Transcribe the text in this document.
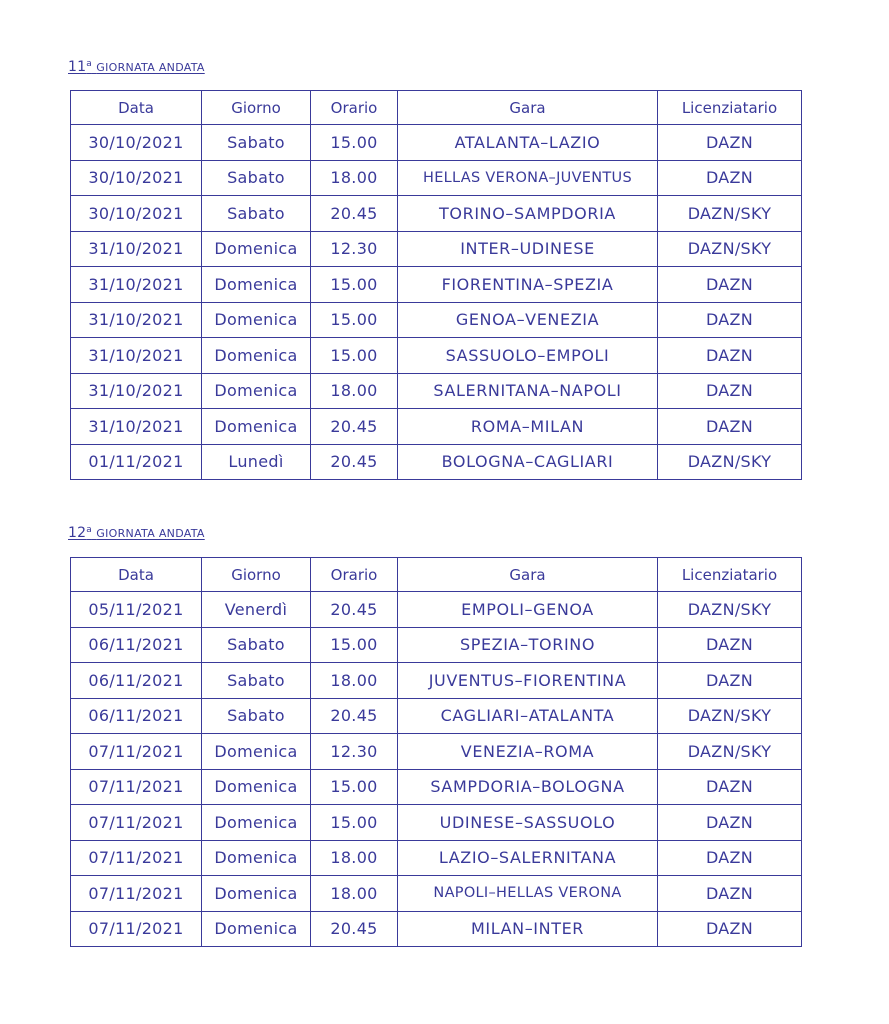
11$^a$ GIORNATA ANDATA
Data	Giorno	Orario	Gara	Licenziatario
30/10/2021	Sabato	15.00	ATALANTA–LAZIO	DAZN
30/10/2021	Sabato	18.00	HELLAS VERONA–JUVENTUS	DAZN
30/10/2021	Sabato	20.45	TORINO–SAMPDORIA	DAZN/SKY
31/10/2021	Domenica	12.30	INTER–UDINESE	DAZN/SKY
31/10/2021	Domenica	15.00	FIORENTINA–SPEZIA	DAZN
31/10/2021	Domenica	15.00	GENOA–VENEZIA	DAZN
31/10/2021	Domenica	15.00	SASSUOLO–EMPOLI	DAZN
31/10/2021	Domenica	18.00	SALERNITANA–NAPOLI	DAZN
31/10/2021	Domenica	20.45	ROMA–MILAN	DAZN
01/11/2021	Lunedì	20.45	BOLOGNA–CAGLIARI	DAZN/SKY
12$^a$ GIORNATA ANDATA
Data	Giorno	Orario	Gara	Licenziatario
05/11/2021	Venerdì	20.45	EMPOLI–GENOA	DAZN/SKY
06/11/2021	Sabato	15.00	SPEZIA–TORINO	DAZN
06/11/2021	Sabato	18.00	JUVENTUS–FIORENTINA	DAZN
06/11/2021	Sabato	20.45	CAGLIARI–ATALANTA	DAZN/SKY
07/11/2021	Domenica	12.30	VENEZIA–ROMA	DAZN/SKY
07/11/2021	Domenica	15.00	SAMPDORIA–BOLOGNA	DAZN
07/11/2021	Domenica	15.00	UDINESE–SASSUOLO	DAZN
07/11/2021	Domenica	18.00	LAZIO–SALERNITANA	DAZN
07/11/2021	Domenica	18.00	NAPOLI–HELLAS VERONA	DAZN
07/11/2021	Domenica	20.45	MILAN–INTER	DAZN
